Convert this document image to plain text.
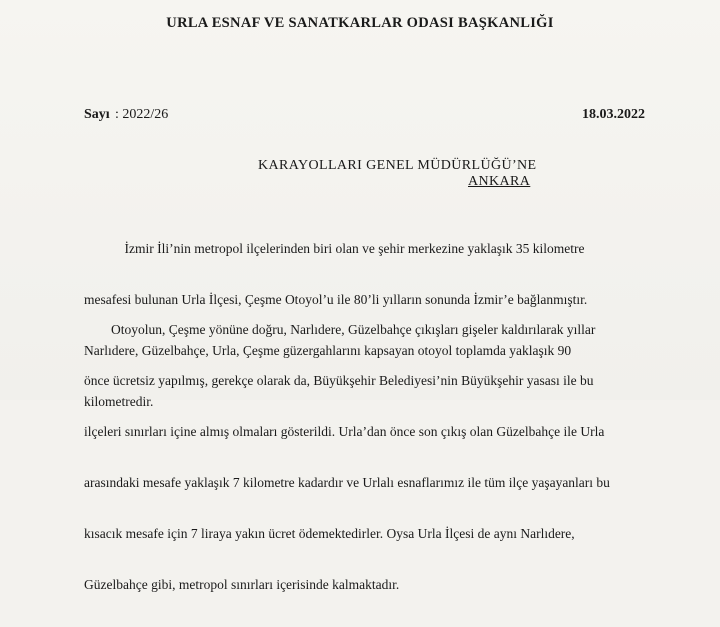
URLA ESNAF VE SANATKARLAR ODASI BAŞKANLIĞI
Sayı : 2022/26	18.03.2022
KARAYOLLARI GENEL MÜDÜRLÜĞÜ’NE
ANKARA

İzmir İli’nin metropol ilçelerinden biri olan ve şehir merkezine yaklaşık 35 kilometre

mesafesi bulunan Urla İlçesi, Çeşme Otoyol’u ile 80’li yılların sonunda İzmir’e bağlanmıştır.

Narlıdere, Güzelbahçe, Urla, Çeşme güzergahlarını kapsayan otoyol toplamda yaklaşık 90

kilometredir.

Otoyolun, Çeşme yönüne doğru, Narlıdere, Güzelbahçe çıkışları gişeler kaldırılarak yıllar

önce ücretsiz yapılmış, gerekçe olarak da, Büyükşehir Belediyesi’nin Büyükşehir yasası ile bu

ilçeleri sınırları içine almış olmaları gösterildi. Urla’dan önce son çıkış olan Güzelbahçe ile Urla

arasındaki mesafe yaklaşık 7 kilometre kadardır ve Urlalı esnaflarımız ile tüm ilçe yaşayanları bu

kısacık mesafe için 7 liraya yakın ücret ödemektedirler. Oysa Urla İlçesi de aynı Narlıdere,

Güzelbahçe gibi, metropol sınırları içerisinde kalmaktadır.
